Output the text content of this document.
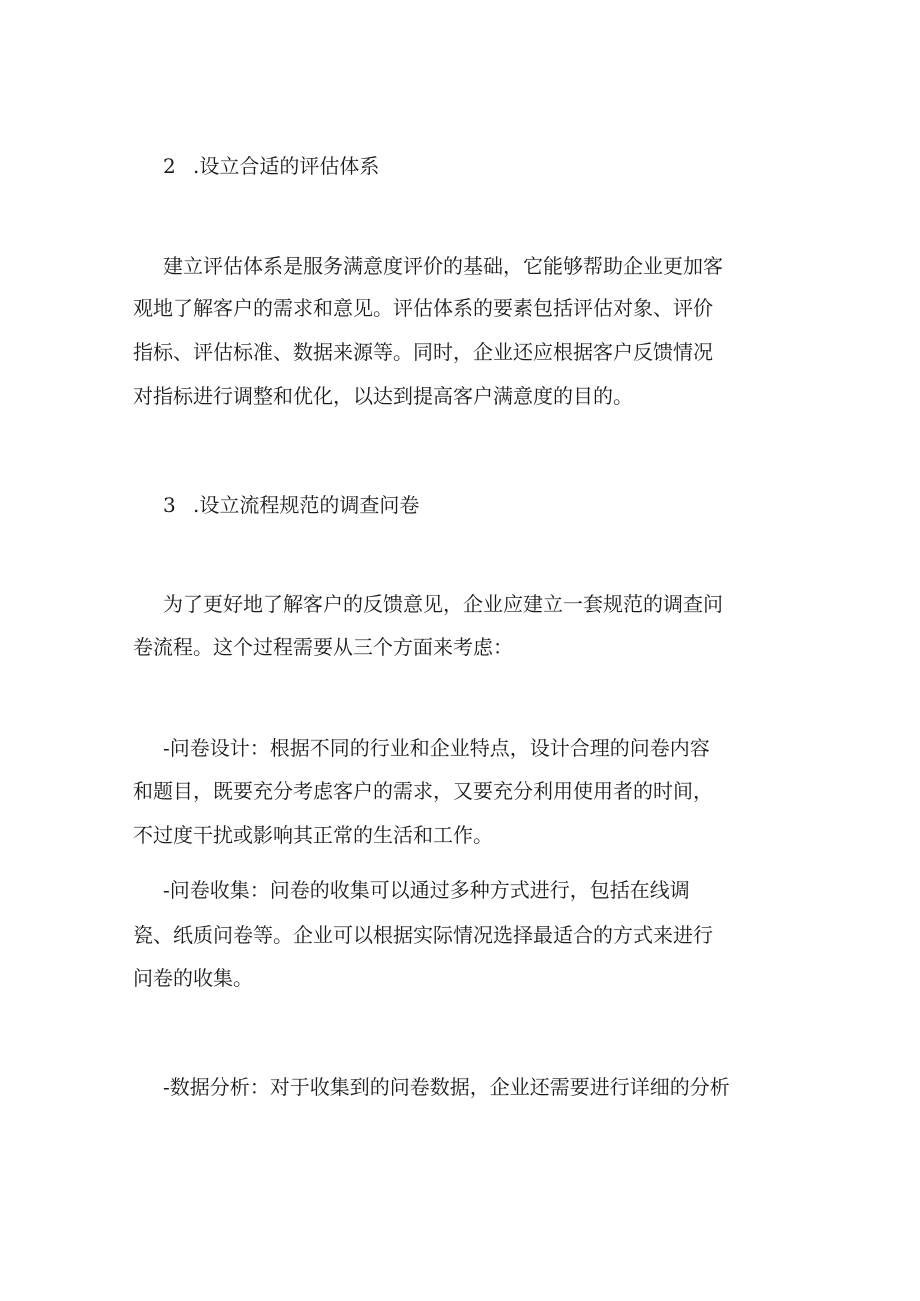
2 .设立合适的评估体系
建立评估体系是服务满意度评价的基础，它能够帮助企业更加客
观地了解客户的需求和意见。评估体系的要素包括评估对象、评价
指标、评估标准、数据来源等。同时，企业还应根据客户反馈情况
对指标进行调整和优化，以达到提高客户满意度的目的。
3 .设立流程规范的调查问卷
为了更好地了解客户的反馈意见，企业应建立一套规范的调查问
卷流程。这个过程需要从三个方面来考虑：
-问卷设计：根据不同的行业和企业特点，设计合理的问卷内容
和题目，既要充分考虑客户的需求，又要充分利用使用者的时间，
不过度干扰或影响其正常的生活和工作。
-问卷收集：问卷的收集可以通过多种方式进行，包括在线调
瓷、纸质问卷等。企业可以根据实际情况选择最适合的方式来进行
问卷的收集。
-数据分析：对于收集到的问卷数据，企业还需要进行详细的分析
